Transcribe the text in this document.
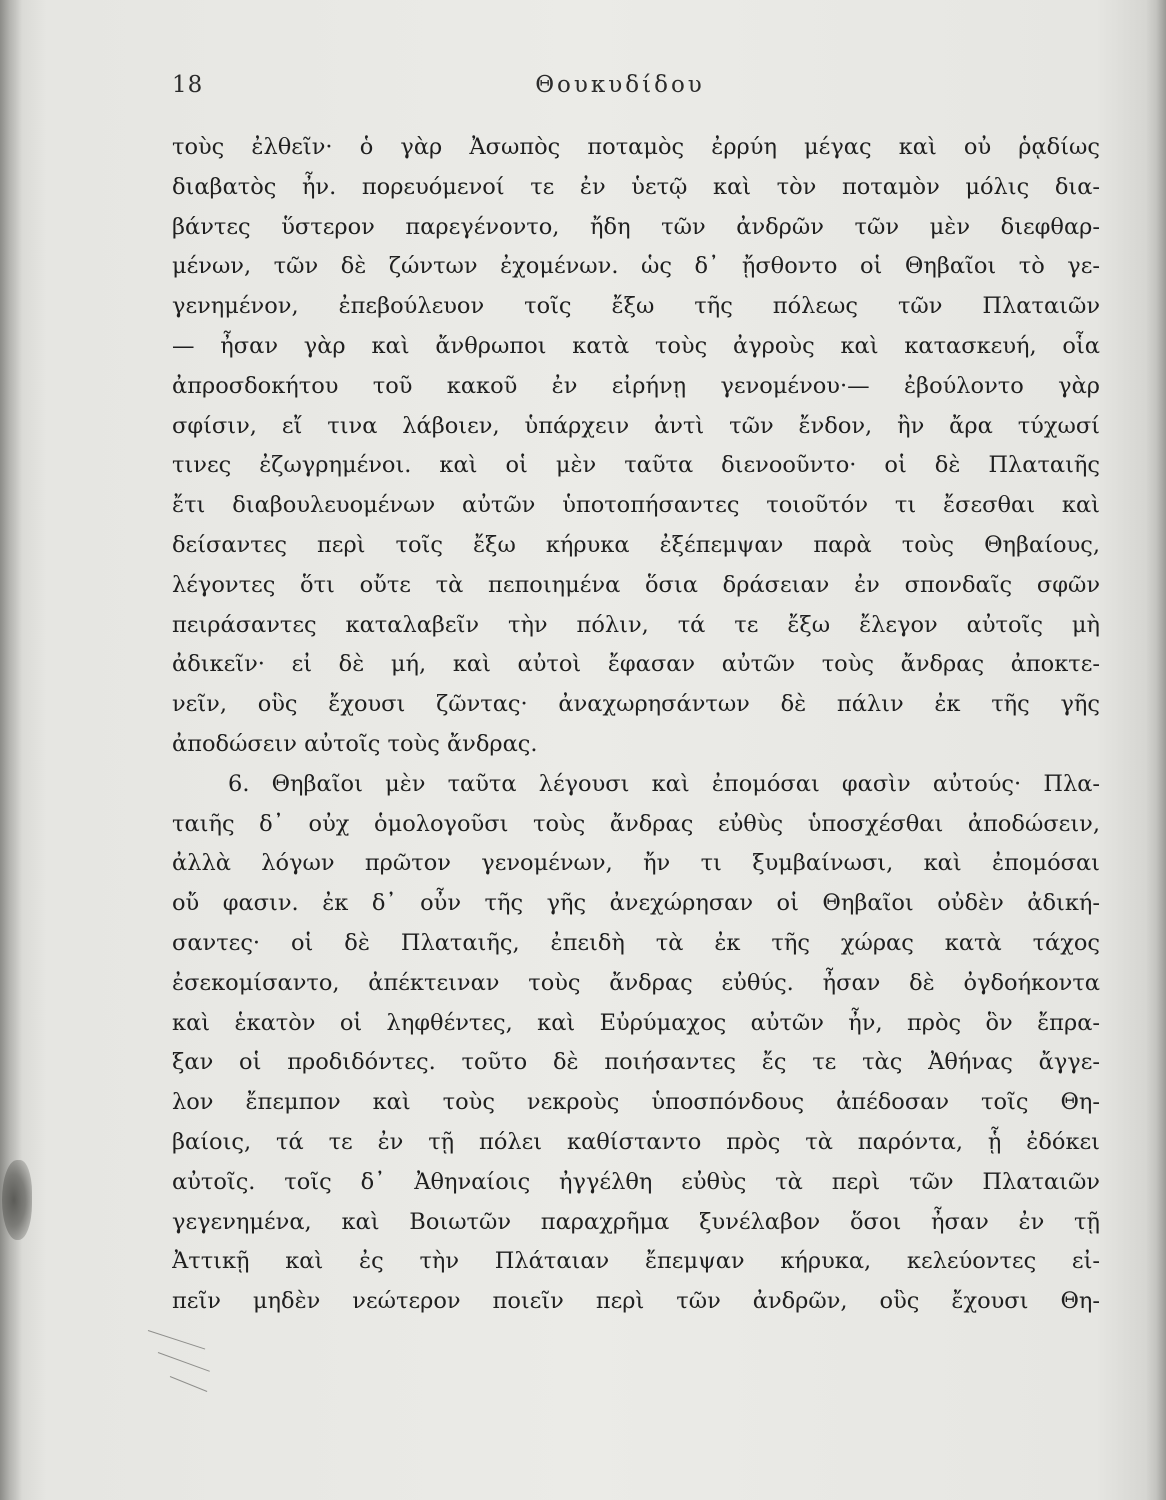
18	Θουκυδίδου
τοὺς ἐλθεῖν· ὁ γὰρ Ἀσωπὸς ποταμὸς ἐρρύη μέγας καὶ οὐ ῥᾳδίως
διαβατὸς ἦν. πορευόμενοί τε ἐν ὑετῷ καὶ τὸν ποταμὸν μόλις δια-
βάντες ὕστερον παρεγένοντο, ἤδη τῶν ἀνδρῶν τῶν μὲν διεφθαρ-
μένων, τῶν δὲ ζώντων ἐχομένων. ὡς δ᾿ ᾔσθοντο οἱ Θηβαῖοι τὸ γε-
γενημένον, ἐπεβούλευον τοῖς ἔξω τῆς πόλεως τῶν Πλαταιῶν
— ἦσαν γὰρ καὶ ἄνθρωποι κατὰ τοὺς ἀγροὺς καὶ κατασκευή, οἷα
ἀπροσδοκήτου τοῦ κακοῦ ἐν εἰρήνῃ γενομένου·— ἐβούλοντο γὰρ
σφίσιν, εἴ τινα λάβοιεν, ὑπάρχειν ἀντὶ τῶν ἔνδον, ἢν ἄρα τύχωσί
τινες ἐζωγρημένοι. καὶ οἱ μὲν ταῦτα διενοοῦντο· οἱ δὲ Πλαταιῆς
ἔτι διαβουλευομένων αὐτῶν ὑποτοπήσαντες τοιοῦτόν τι ἔσεσθαι καὶ
δείσαντες περὶ τοῖς ἔξω κήρυκα ἐξέπεμψαν παρὰ τοὺς Θηβαίους,
λέγοντες ὅτι οὔτε τὰ πεποιημένα ὅσια δράσειαν ἐν σπονδαῖς σφῶν
πειράσαντες καταλαβεῖν τὴν πόλιν, τά τε ἔξω ἔλεγον αὐτοῖς μὴ
ἀδικεῖν· εἰ δὲ μή, καὶ αὐτοὶ ἔφασαν αὐτῶν τοὺς ἄνδρας ἀποκτε-
νεῖν, οὓς ἔχουσι ζῶντας· ἀναχωρησάντων δὲ πάλιν ἐκ τῆς γῆς
ἀποδώσειν αὐτοῖς τοὺς ἄνδρας.
6. Θηβαῖοι μὲν ταῦτα λέγουσι καὶ ἐπομόσαι φασὶν αὐτούς· Πλα-
ταιῆς δ᾿ οὐχ ὁμολογοῦσι τοὺς ἄνδρας εὐθὺς ὑποσχέσθαι ἀποδώσειν,
ἀλλὰ λόγων πρῶτον γενομένων, ἤν τι ξυμβαίνωσι, καὶ ἐπομόσαι
οὔ φασιν. ἐκ δ᾿ οὖν τῆς γῆς ἀνεχώρησαν οἱ Θηβαῖοι οὐδὲν ἀδική-
σαντες· οἱ δὲ Πλαταιῆς, ἐπειδὴ τὰ ἐκ τῆς χώρας κατὰ τάχος
ἐσεκομίσαντο, ἀπέκτειναν τοὺς ἄνδρας εὐθύς. ἦσαν δὲ ὀγδοήκοντα
καὶ ἑκατὸν οἱ ληφθέντες, καὶ Εὐρύμαχος αὐτῶν ἦν, πρὸς ὃν ἔπρα-
ξαν οἱ προδιδόντες. τοῦτο δὲ ποιήσαντες ἔς τε τὰς Ἀθήνας ἄγγε-
λον ἔπεμπον καὶ τοὺς νεκροὺς ὑποσπόνδους ἀπέδοσαν τοῖς Θη-
βαίοις, τά τε ἐν τῇ πόλει καθίσταντο πρὸς τὰ παρόντα, ᾗ ἐδόκει
αὐτοῖς. τοῖς δ᾿ Ἀθηναίοις ἠγγέλθη εὐθὺς τὰ περὶ τῶν Πλαταιῶν
γεγενημένα, καὶ Βοιωτῶν παραχρῆμα ξυνέλαβον ὅσοι ἦσαν ἐν τῇ
Ἀττικῇ καὶ ἐς τὴν Πλάταιαν ἔπεμψαν κήρυκα, κελεύοντες εἰ-
πεῖν μηδὲν νεώτερον ποιεῖν περὶ τῶν ἀνδρῶν, οὓς ἔχουσι Θη-
